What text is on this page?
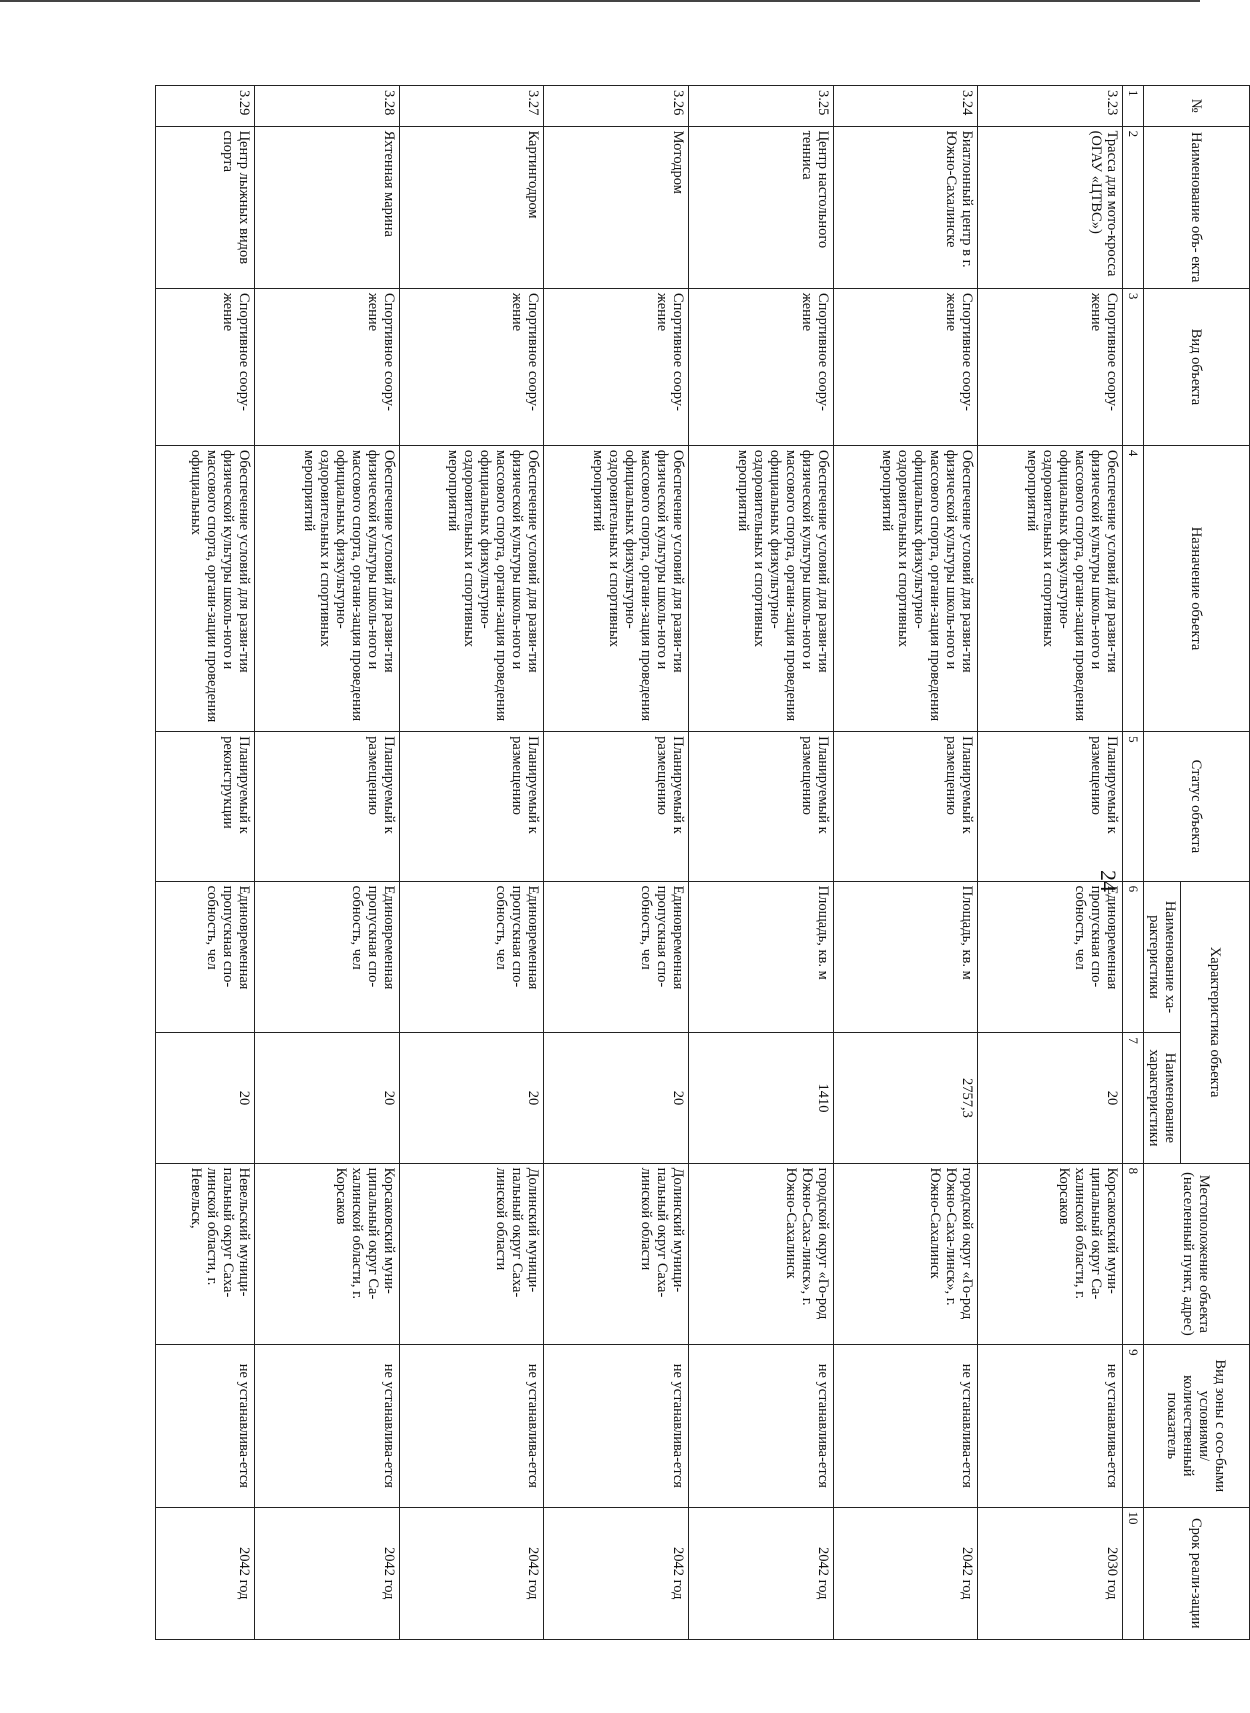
24
№	Наименование объ- екта	Вид объекта	Назначение объекта	Статус объекта	Характеристика объекта		Местоположение объекта (населенный пункт, адрес)	Вид зоны с осо-быми условиями/ количественный показатель	Срок реали-зации
					Наименование ха-рактеристики	Наименование характеристики			
1	2	3	4	5	6	7	8	9	10
3.23	Трасса для мото-кросса (ОГАУ «ЦТВС»)	Спортивное соору-жение	Обеспечение условий для разви-тия физической культуры школь-ного и массового спорта, органи-зация проведения официальных физкультурно-оздоровительных и спортивных мероприятий	Планируемый к размещению	Единовременная пропускная спо-собность, чел	20	Корсаковский муни-ципальный округ Са-халинской области, г. Корсаков	не устанавлива-ется	2030 год
3.24	Биатлонный центр в г. Южно-Сахалинске	Спортивное соору-жение	Обеспечение условий для разви-тия физической культуры школь-ного и массового спорта, органи-зация проведения официальных физкультурно-оздоровительных и спортивных мероприятий	Планируемый к размещению	Площадь, кв. м	2757,3	городской округ «Го-род Южно-Саха-линск», г. Южно-Сахалинск	не устанавлива-ется	2042 год
3.25	Центр настольного тенниса	Спортивное соору-жение	Обеспечение условий для разви-тия физической культуры школь-ного и массового спорта, органи-зация проведения официальных физкультурно-оздоровительных и спортивных мероприятий	Планируемый к размещению	Площадь, кв. м	1410	городской округ «Го-род Южно-Саха-линск», г. Южно-Сахалинск	не устанавлива-ется	2042 год
3.26	Мотодром	Спортивное соору-жение	Обеспечение условий для разви-тия физической культуры школь-ного и массового спорта, органи-зация проведения официальных физкультурно-оздоровительных и спортивных мероприятий	Планируемый к размещению	Единовременная пропускная спо-собность, чел	20	Долинский муници-пальный округ Саха-линской области	не устанавлива-ется	2042 год
3.27	Картингодром	Спортивное соору-жение	Обеспечение условий для разви-тия физической культуры школь-ного и массового спорта, органи-зация проведения официальных физкультурно-оздоровительных и спортивных мероприятий	Планируемый к размещению	Единовременная пропускная спо-собность, чел	20	Долинский муници-пальный округ Саха-линской области	не устанавлива-ется	2042 год
3.28	Яхтенная марина	Спортивное соору-жение	Обеспечение условий для разви-тия физической культуры школь-ного и массового спорта, органи-зация проведения официальных физкультурно-оздоровительных и спортивных мероприятий	Планируемый к размещению	Единовременная пропускная спо-собность, чел	20	Корсаковский муни-ципальный округ Са-халинской области, г. Корсаков	не устанавлива-ется	2042 год
3.29	Центр лыжных видов спорта	Спортивное соору-жение	Обеспечение условий для разви-тия физической культуры школь-ного и массового спорта, органи-зации проведения официальных	Планируемый к реконструкции	Единовременная пропускная спо-собность, чел	20	Невельский муници-пальный округ Саха-линской области, г. Невельск,	не устанавлива-ется	2042 год
